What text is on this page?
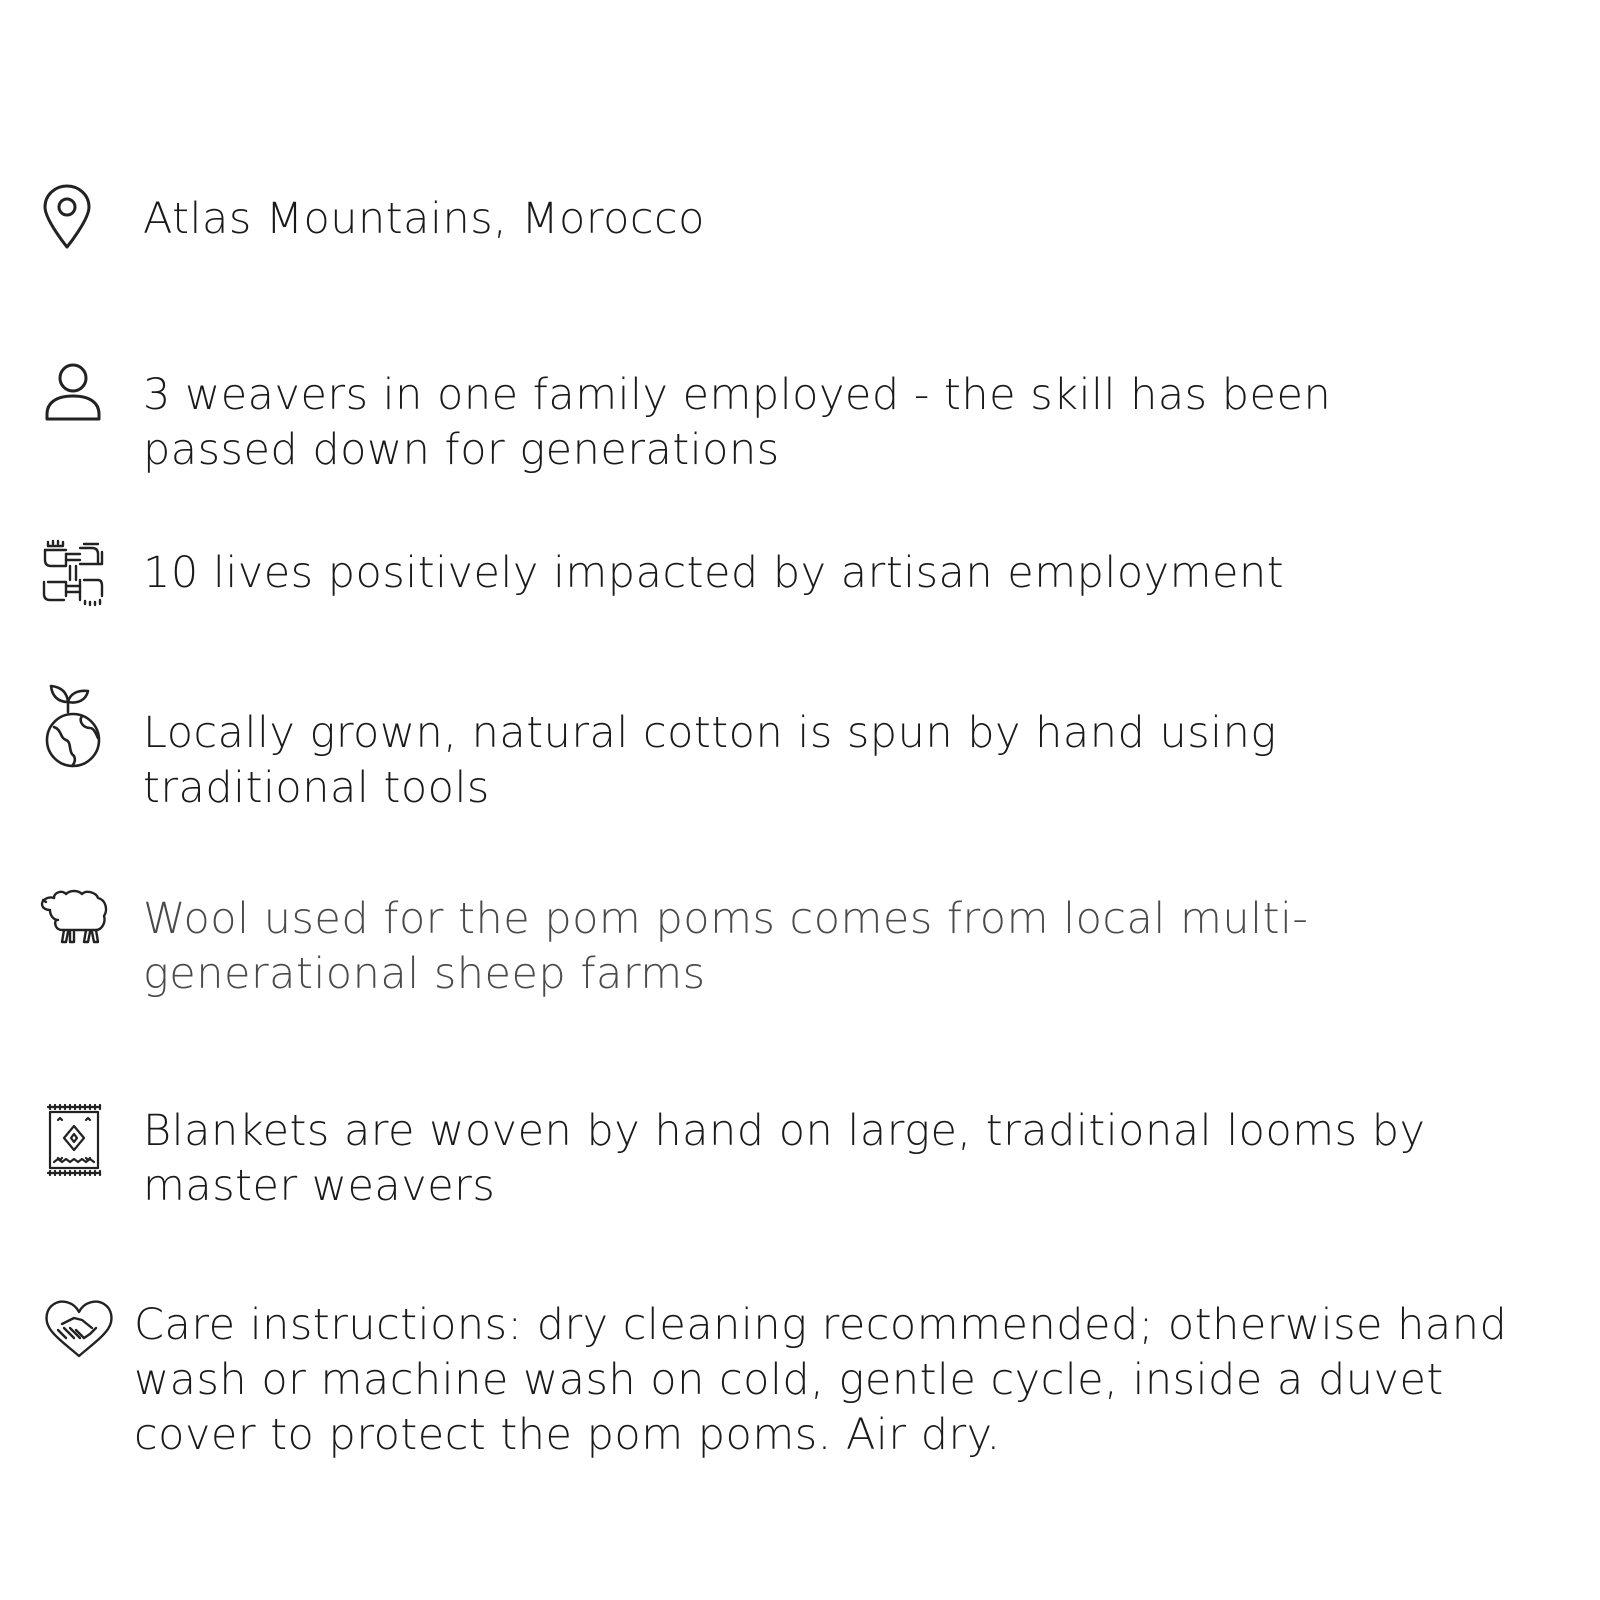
Atlas Mountains, Morocco

3 weavers in one family employed - the skill has been passed down for generations

10 lives positively impacted by artisan employment

Locally grown, natural cotton is spun by hand using traditional tools

Wool used for the pom poms comes from local multi-generational sheep farms

Blankets are woven by hand on large, traditional looms by master weavers

Care instructions: dry cleaning recommended; otherwise hand wash or machine wash on cold, gentle cycle, inside a duvet cover to protect the pom poms. Air dry.
